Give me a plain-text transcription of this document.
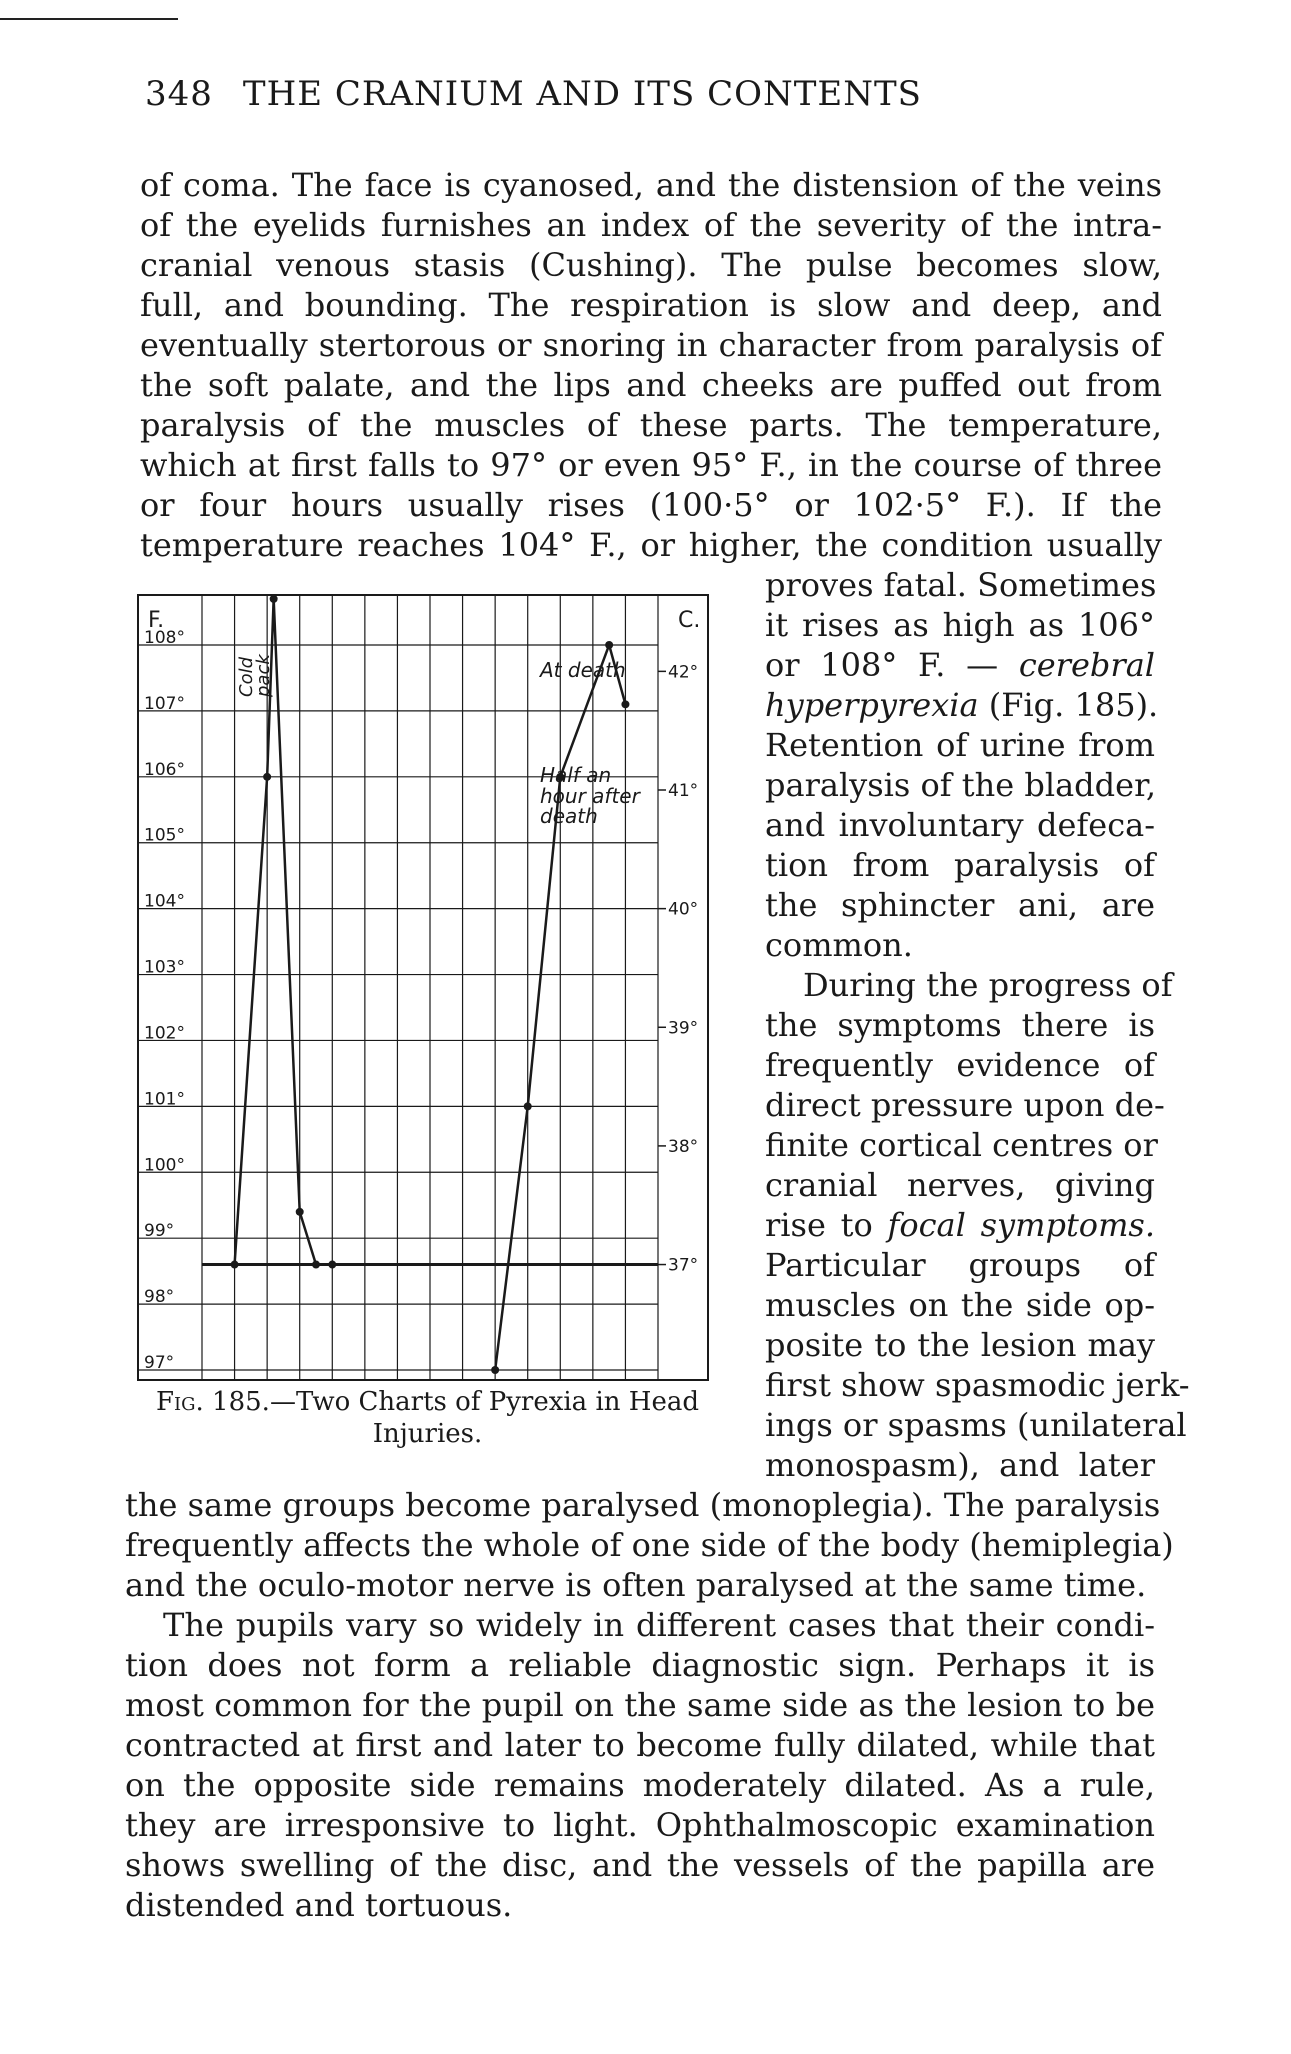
348 THE CRANIUM AND ITS CONTENTS
of coma. The face is cyanosed, and the distension of the veins
of the eyelids furnishes an index of the severity of the intra-
cranial venous stasis (Cushing). The pulse becomes slow,
full, and bounding. The respiration is slow and deep, and
eventually stertorous or snoring in character from paralysis of
the soft palate, and the lips and cheeks are puffed out from
paralysis of the muscles of these parts. The temperature,
which at first falls to 97° or even 95° F., in the course of three
or four hours usually rises (100·5° or 102·5° F.). If the
temperature reaches 104° F., or higher, the condition usually
proves fatal. Sometimes
it rises as high as 106°
or 108° F. — cerebral
hyperpyrexia (Fig. 185).
Retention of urine from
paralysis of the bladder,
and involuntary defeca-
tion from paralysis of
the sphincter ani, are
common.
During the progress of
the symptoms there is
frequently evidence of
direct pressure upon de-
finite cortical centres or
cranial nerves, giving
rise to focal symptoms.
Particular groups of
muscles on the side op-
posite to the lesion may
first show spasmodic jerk-
ings or spasms (unilateral
monospasm), and later
the same groups become paralysed (monoplegia). The paralysis
frequently affects the whole of one side of the body (hemiplegia)
and the oculo-motor nerve is often paralysed at the same time.
The pupils vary so widely in different cases that their condi-
tion does not form a reliable diagnostic sign. Perhaps it is
most common for the pupil on the same side as the lesion to be
contracted at first and later to become fully dilated, while that
on the opposite side remains moderately dilated. As a rule,
they are irresponsive to light. Ophthalmoscopic examination
shows swelling of the disc, and the vessels of the papilla are
distended and tortuous.
F.	C.
108°
107°
106°
105°
104°
103°
102°
101°
100°
99°
98°
97°
42°
41°
40°
39°
38°
37°
Cold
pack	At death
Half an
hour after
death
Fig. 185.—Two Charts of Pyrexia in Head Injuries.
